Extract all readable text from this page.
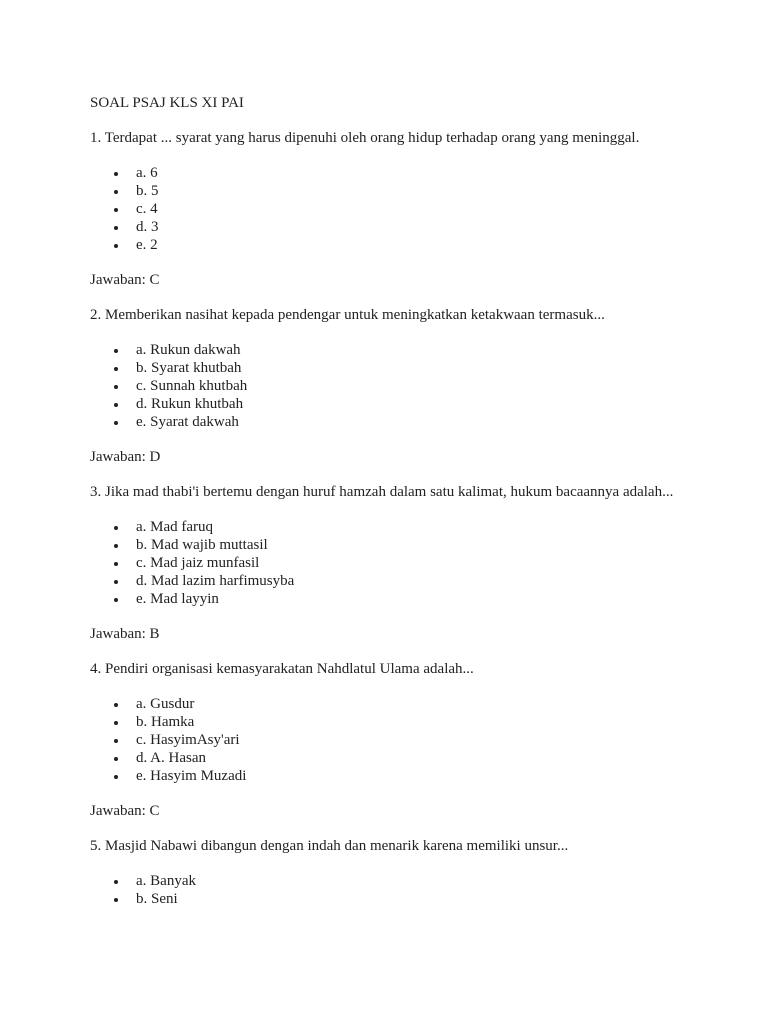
SOAL PSAJ KLS XI PAI

1. Terdapat ... syarat yang harus dipenuhi oleh orang hidup terhadap orang yang meninggal.

a. 6
b. 5
c. 4
d. 3
e. 2

Jawaban: C

2. Memberikan nasihat kepada pendengar untuk meningkatkan ketakwaan termasuk...

a. Rukun dakwah
b. Syarat khutbah
c. Sunnah khutbah
d. Rukun khutbah
e. Syarat dakwah

Jawaban: D

3. Jika mad thabi'i bertemu dengan huruf hamzah dalam satu kalimat, hukum bacaannya adalah...

a. Mad faruq
b. Mad wajib muttasil
c. Mad jaiz munfasil
d. Mad lazim harfimusyba
e. Mad layyin

Jawaban: B

4. Pendiri organisasi kemasyarakatan Nahdlatul Ulama adalah...

a. Gusdur
b. Hamka
c. HasyimAsy'ari
d. A. Hasan
e. Hasyim Muzadi

Jawaban: C

5. Masjid Nabawi dibangun dengan indah dan menarik karena memiliki unsur...

a. Banyak
b. Seni
